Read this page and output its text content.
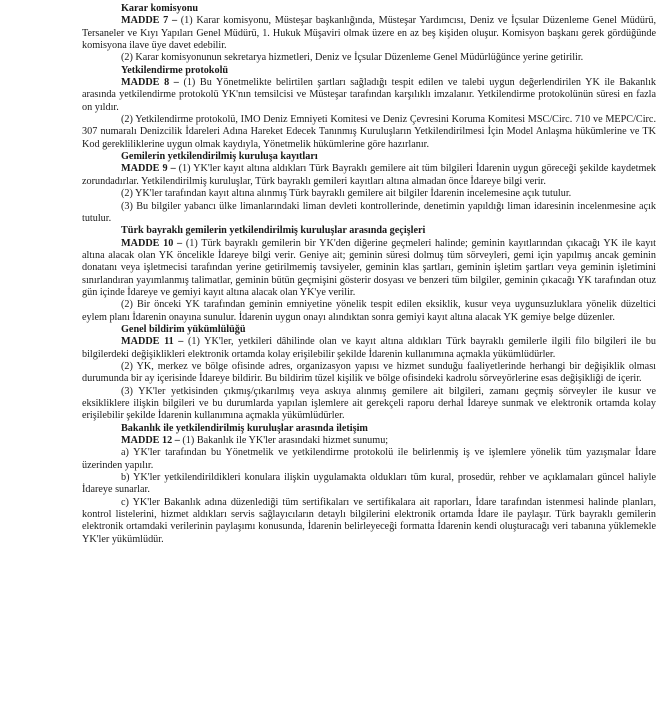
Karar komisyonu

MADDE 7 – (1) Karar komisyonu, Müsteşar başkanlığında, Müsteşar Yardımcısı, Deniz ve İçsular Düzenleme Genel Müdürü, Tersaneler ve Kıyı Yapıları Genel Müdürü, 1. Hukuk Müşaviri olmak üzere en az beş kişiden oluşur. Komisyon başkanı gerek gördüğünde komisyona ilave üye davet edebilir.

(2) Karar komisyonunun sekretarya hizmetleri, Deniz ve İçsular Düzenleme Genel Müdürlüğünce yerine getirilir.

Yetkilendirme protokolü

MADDE 8 – (1) Bu Yönetmelikte belirtilen şartları sağladığı tespit edilen ve talebi uygun değerlendirilen YK ile Bakanlık arasında yetkilendirme protokolü YK'nın temsilcisi ve Müsteşar tarafından karşılıklı imzalanır. Yetkilendirme protokolünün süresi en fazla on yıldır.

(2) Yetkilendirme protokolü, IMO Deniz Emniyeti Komitesi ve Deniz Çevresini Koruma Komitesi MSC/Circ. 710 ve MEPC/Circ. 307 numaralı Denizcilik İdareleri Adına Hareket Edecek Tanınmış Kuruluşların Yetkilendirilmesi İçin Model Anlaşma hükümlerine ve TK Kod gerekliliklerine uygun olmak kaydıyla, Yönetmelik hükümlerine göre hazırlanır.

Gemilerin yetkilendirilmiş kuruluşa kayıtları

MADDE 9 – (1) YK'ler kayıt altına aldıkları Türk Bayraklı gemilere ait tüm bilgileri İdarenin uygun göreceği şekilde kaydetmek zorundadırlar. Yetkilendirilmiş kuruluşlar, Türk bayraklı gemileri kayıtları altına almadan önce İdareye bilgi verir.

(2) YK'ler tarafından kayıt altına alınmış Türk bayraklı gemilere ait bilgiler İdarenin incelemesine açık tutulur.

(3) Bu bilgiler yabancı ülke limanlarındaki liman devleti kontrollerinde, denetimin yapıldığı liman idaresinin incelenmesine açık tutulur.

Türk bayraklı gemilerin yetkilendirilmiş kuruluşlar arasında geçişleri

MADDE 10 – (1) Türk bayraklı gemilerin bir YK'den diğerine geçmeleri halinde; geminin kayıtlarından çıkacağı YK ile kayıt altına alacak olan YK öncelikle İdareye bilgi verir. Geniye ait; geminin süresi dolmuş tüm sörveyleri, gemi için yapılmış ancak geminin donatanı veya işletmecisi tarafından yerine getirilmemiş tavsiyeler, geminin klas şartları, geminin işletim şartları veya geminin işletimini sınırlandıran yayımlanmış talimatlar, geminin bütün geçmişini gösterir dosyası ve benzeri tüm bilgiler, geminin çıkacağı YK tarafından otuz gün içinde İdareye ve gemiyi kayıt altına alacak olan YK'ye verilir.

(2) Bir önceki YK tarafından geminin emniyetine yönelik tespit edilen eksiklik, kusur veya uygunsuzluklara yönelik düzeltici eylem planı İdarenin onayına sunulur. İdarenin uygun onayı alındıktan sonra gemiyi kayıt altına alacak YK gemiye belge düzenler.

Genel bildirim yükümlülüğü

MADDE 11 – (1) YK'ler, yetkileri dâhilinde olan ve kayıt altına aldıkları Türk bayraklı gemilerle ilgili filo bilgileri ile bu bilgilerdeki değişiklikleri elektronik ortamda kolay erişilebilir şekilde İdarenin kullanımına açmakla yükümlüdürler.

(2) YK, merkez ve bölge ofisinde adres, organizasyon yapısı ve hizmet sunduğu faaliyetlerinde herhangi bir değişiklik olması durumunda bir ay içerisinde İdareye bildirir. Bu bildirim tüzel kişilik ve bölge ofisindeki kadrolu sörveyörlerine esas değişikliği de içerir.

(3) YK'ler yetkisinden çıkmış/çıkarılmış veya askıya alınmış gemilere ait bilgileri, zamanı geçmiş sörveyler ile kusur ve eksikliklere ilişkin bilgileri ve bu durumlarda yapılan işlemlere ait gerekçeli raporu derhal İdareye sunmak ve elektronik ortamda kolay erişilebilir şekilde İdarenin kullanımına açmakla yükümlüdürler.

Bakanlık ile yetkilendirilmiş kuruluşlar arasında iletişim

MADDE 12 – (1) Bakanlık ile YK'ler arasındaki hizmet sunumu;

a) YK'ler tarafından bu Yönetmelik ve yetkilendirme protokolü ile belirlenmiş iş ve işlemlere yönelik tüm yazışmalar İdare üzerinden yapılır.

b) YK'ler yetkilendirildikleri konulara ilişkin uygulamakta oldukları tüm kural, prosedür, rehber ve açıklamaları güncel haliyle İdareye sunarlar.

c) YK'ler Bakanlık adına düzenlediği tüm sertifikaları ve sertifikalara ait raporları, İdare tarafından istenmesi halinde planları, kontrol listelerini, hizmet aldıkları servis sağlayıcıların detaylı bilgilerini elektronik ortamda İdare ile paylaşır. Türk bayraklı gemilerin elektronik ortamdaki verilerinin paylaşımı konusunda, İdarenin belirleyeceği formatta İdarenin kendi oluşturacağı veri tabanına yüklemekle YK'ler yükümlüdür.
